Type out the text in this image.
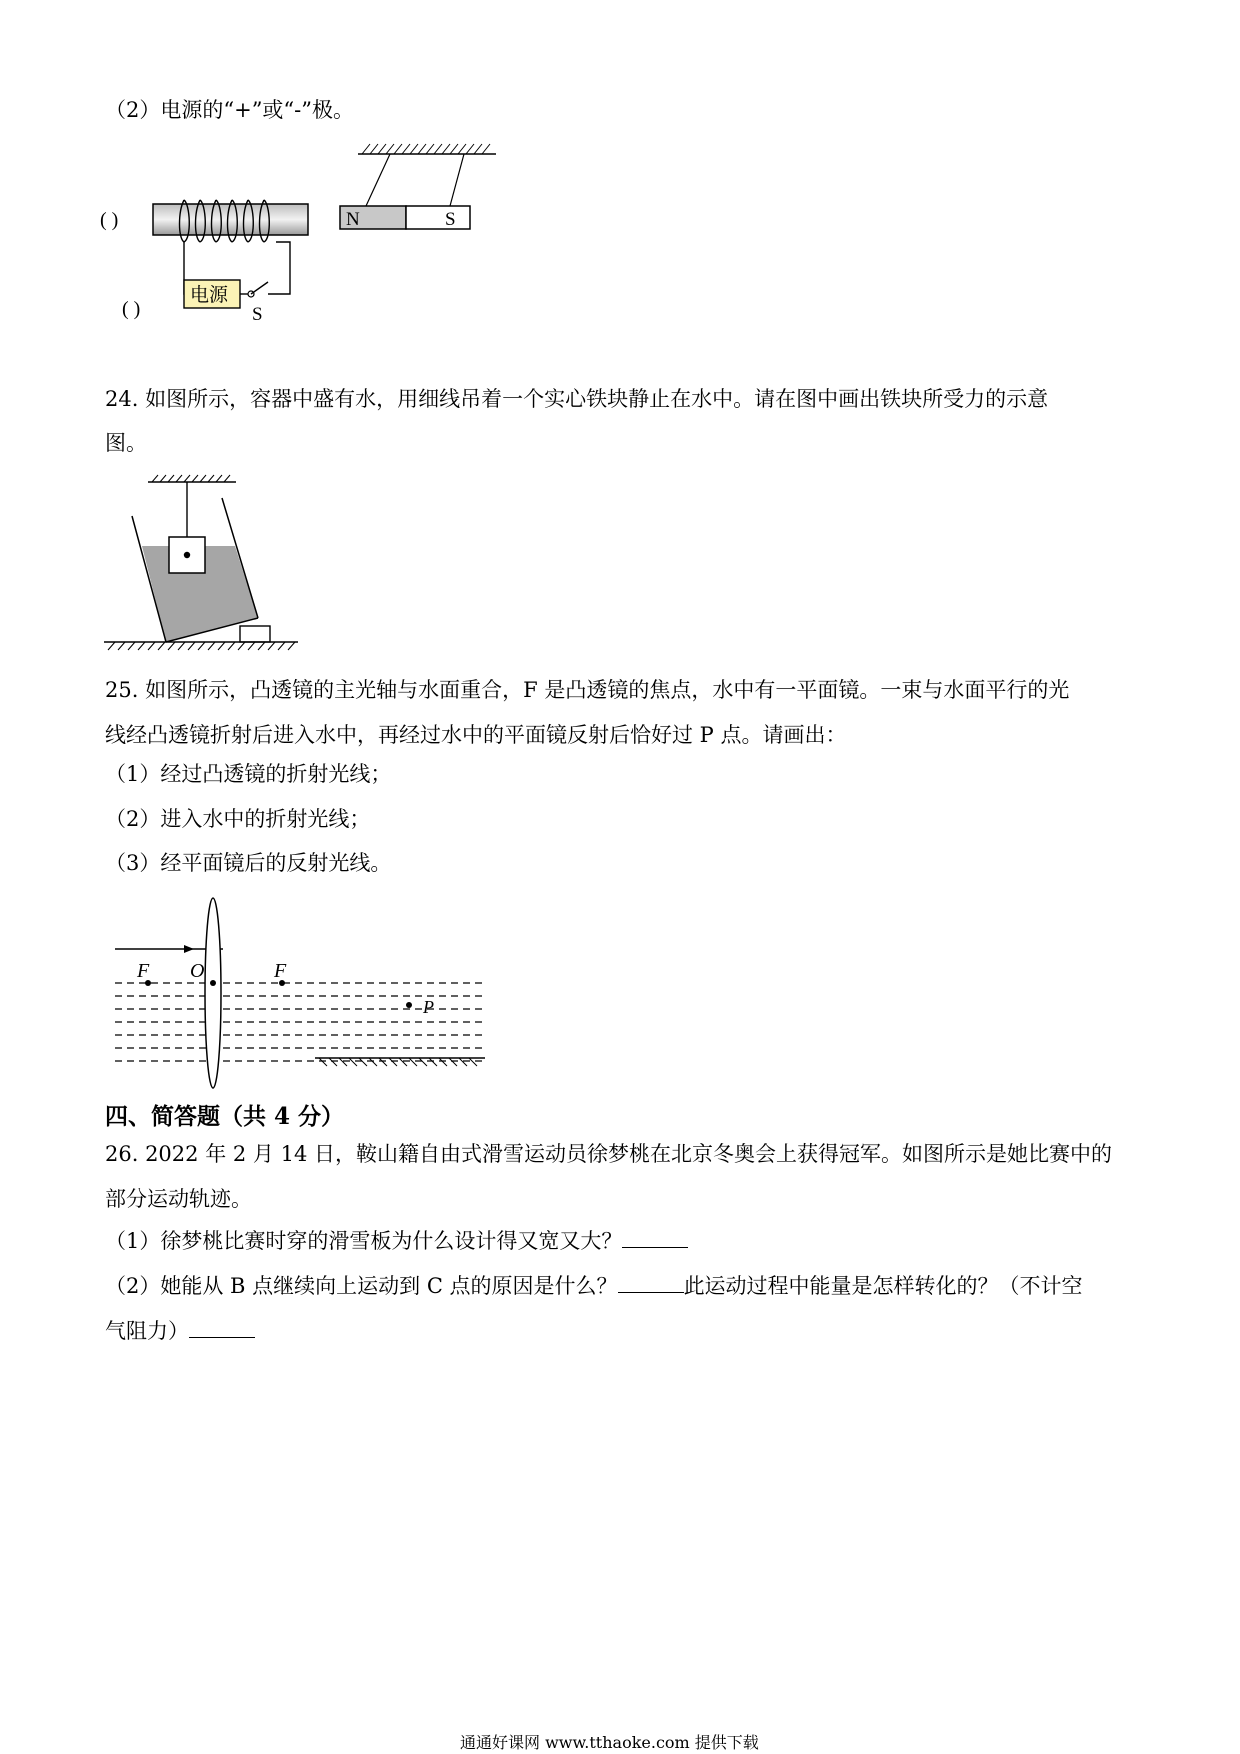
（2）电源的“+”或“-”极。
N	S
电源
S
( )
( )
24. 如图所示，容器中盛有水，用细线吊着一个实心铁块静止在水中。请在图中画出铁块所受力的示意
图。
25. 如图所示，凸透镜的主光轴与水面重合，F 是凸透镜的焦点，水中有一平面镜。一束与水面平行的光
线经凸透镜折射后进入水中，再经过水中的平面镜反射后恰好过 P 点。请画出：
（1）经过凸透镜的折射光线；
（2）进入水中的折射光线；
（3）经平面镜后的反射光线。
F O	F
P
四、简答题（共 4 分）
26. 2022 年 2 月 14 日，鞍山籍自由式滑雪运动员徐梦桃在北京冬奥会上获得冠军。如图所示是她比赛中的
部分运动轨迹。
（1）徐梦桃比赛时穿的滑雪板为什么设计得又宽又大？
（2）她能从 B 点继续向上运动到 C 点的原因是什么？	此运动过程中能量是怎样转化的？（不计空
气阻力）
通通好课网 www.tthaoke.com 提供下载
